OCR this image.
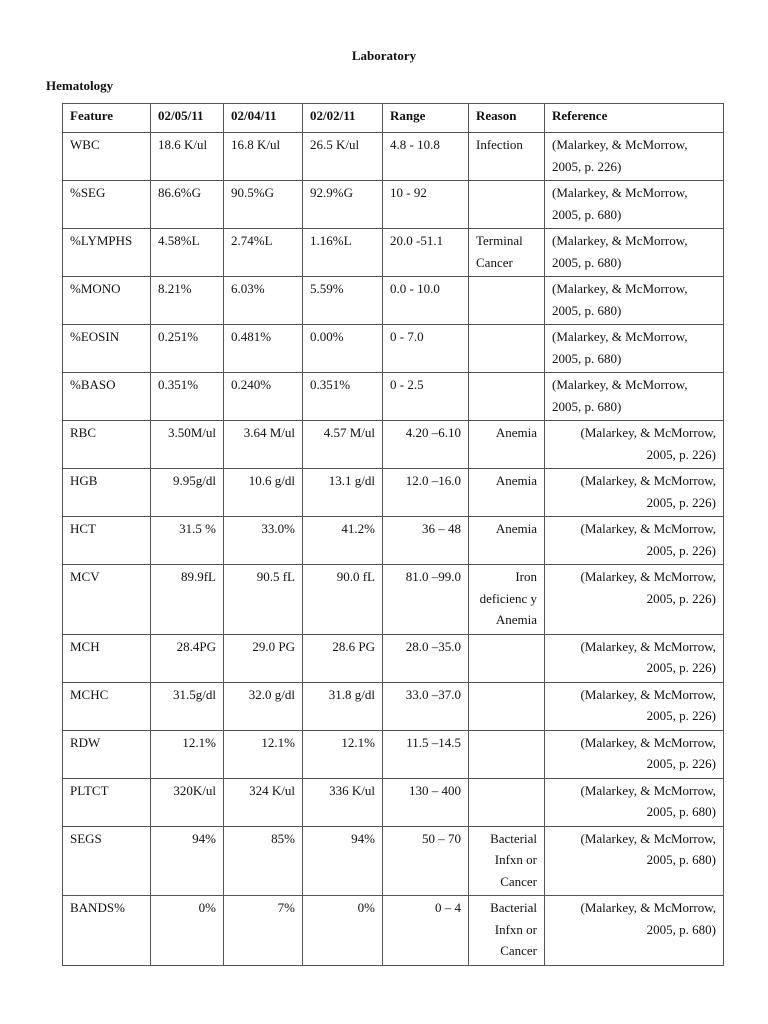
Laboratory
Hematology
Feature	02/05/11	02/04/11	02/02/11	Range	Reason	Reference
WBC	18.6 K/ul	16.8 K/ul	26.5 K/ul	4.8 - 10.8	Infection	(Malarkey, & McMorrow,
2005, p. 226)

%SEG	86.6%G	90.5%G	92.9%G	10 - 92		(Malarkey, & McMorrow,
2005, p. 680)

%LYMPHS	4.58%L	2.74%L	1.16%L	20.0 -51.1	Terminal Cancer	(Malarkey, & McMorrow,
2005, p. 680)

%MONO	8.21%	6.03%	5.59%	0.0 - 10.0		(Malarkey, & McMorrow,
2005, p. 680)

%EOSIN	0.251%	0.481%	0.00%	0 - 7.0		(Malarkey, & McMorrow,
2005, p. 680)

%BASO	0.351%	0.240%	0.351%	0 - 2.5		(Malarkey, & McMorrow,
2005, p. 680)

RBC	3.50M/ul	3.64 M/ul	4.57 M/ul	4.20 –6.10	Anemia	(Malarkey, & McMorrow,
2005, p. 226)

HGB	9.95g/dl	10.6 g/dl	13.1 g/dl	12.0 –16.0	Anemia	(Malarkey, & McMorrow,
2005, p. 226)

HCT	31.5 %	33.0%	41.2%	36 – 48	Anemia	(Malarkey, & McMorrow,
2005, p. 226)

MCV	89.9fL	90.5 fL	90.0 fL	81.0 –99.0	Iron deficienc y Anemia	(Malarkey, & McMorrow,
2005, p. 226)

MCH	28.4PG	29.0 PG	28.6 PG	28.0 –35.0		(Malarkey, & McMorrow,
2005, p. 226)

MCHC	31.5g/dl	32.0 g/dl	31.8 g/dl	33.0 –37.0		(Malarkey, & McMorrow,
2005, p. 226)

RDW	12.1%	12.1%	12.1%	11.5 –14.5		(Malarkey, & McMorrow,
2005, p. 226)

PLTCT	320K/ul	324 K/ul	336 K/ul	130 – 400		(Malarkey, & McMorrow,
2005, p. 680)

SEGS	94%	85%	94%	50 – 70	Bacterial Infxn or Cancer	(Malarkey, & McMorrow,
2005, p. 680)

BANDS%	0%	7%	0%	0 – 4	Bacterial Infxn or Cancer	(Malarkey, & McMorrow,
2005, p. 680)
